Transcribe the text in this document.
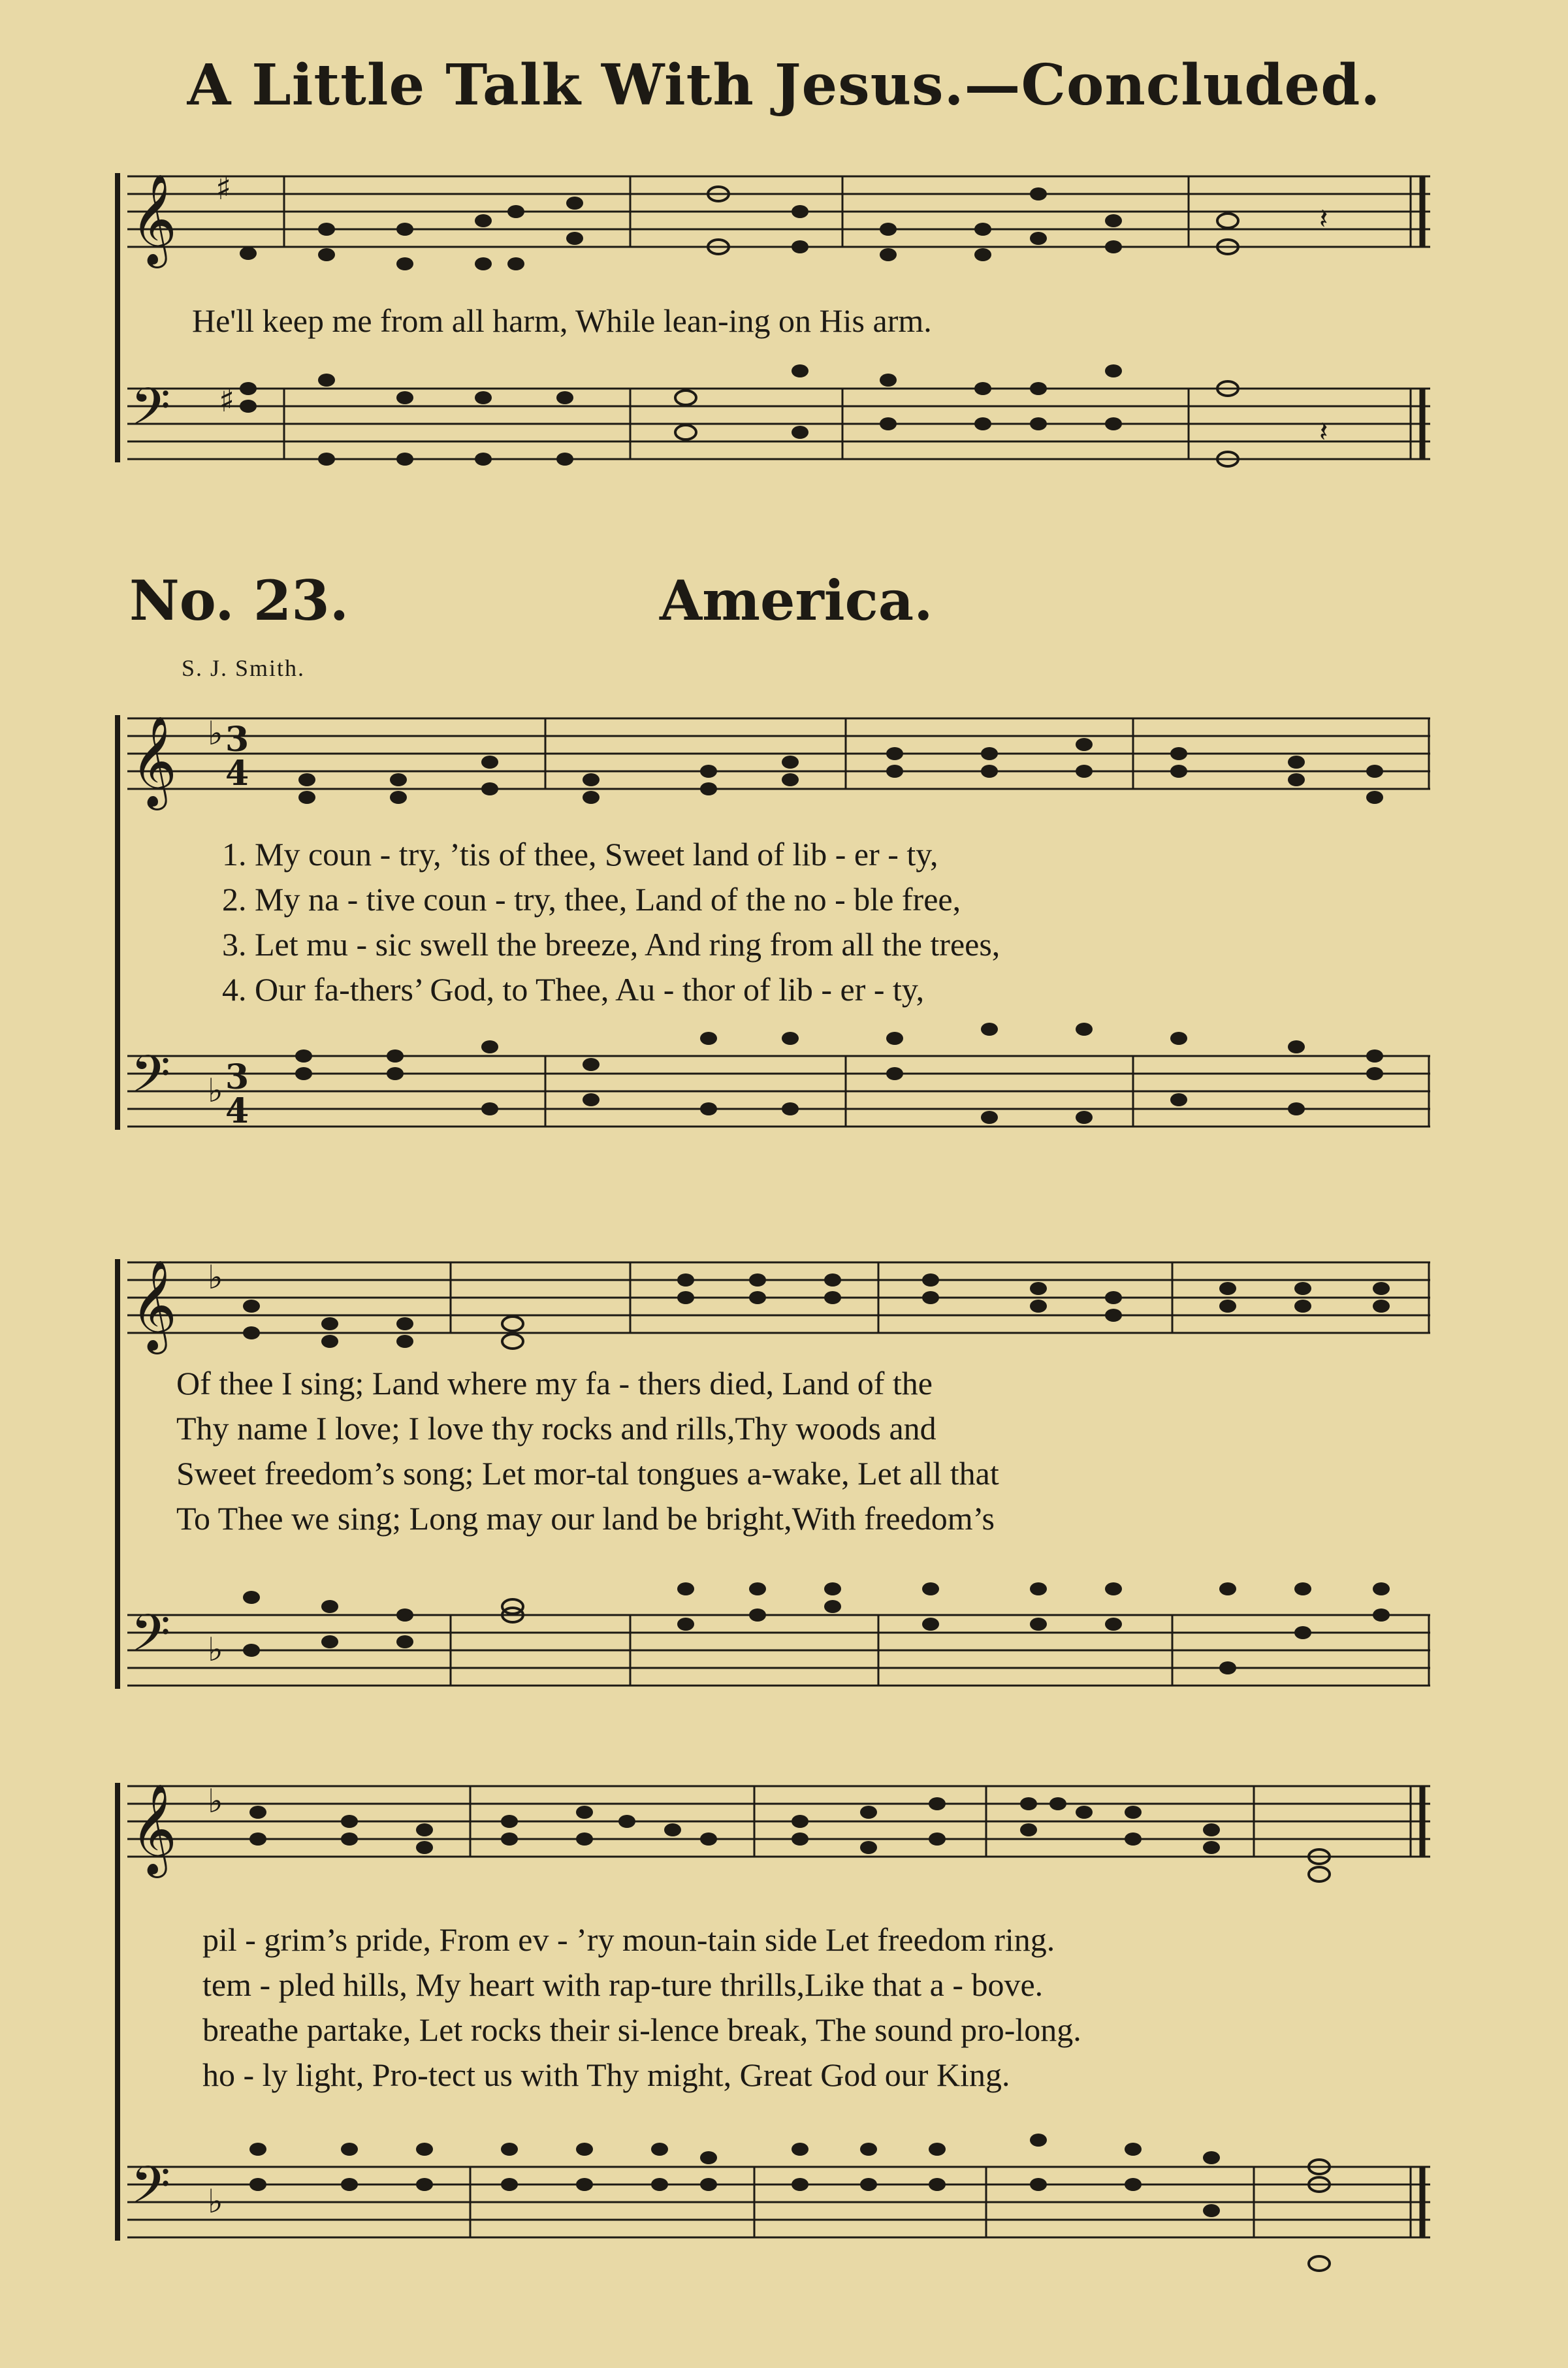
A Little Talk With Jesus.—Concluded.
𝄞
𝄢
♯
♯
𝄽
𝄽
He'll keep me from all harm, While lean-ing on His arm.
No. 23.	America.
S. J. Smith.
𝄞
𝄢
♭
♭
3
4
3
4
1. My coun - try, ’tis of thee, Sweet land of lib - er - ty,
2. My na - tive coun - try, thee, Land of the no - ble free,
3. Let mu - sic swell the breeze, And ring from all the trees,
4. Our fa-thers’ God, to Thee, Au - thor of lib - er - ty,
𝄞
𝄢
♭
♭
Of thee I sing; Land where my fa - thers died, Land of the
Thy name I love; I love thy rocks and rills,Thy woods and
Sweet freedom’s song; Let mor-tal tongues a-wake, Let all that
To Thee we sing; Long may our land be bright,With freedom’s
𝄞
𝄢
♭
♭
pil - grim’s pride, From ev - ’ry moun-tain side Let freedom ring.
tem - pled hills, My heart with rap-ture thrills,Like that a - bove.
breathe partake, Let rocks their si-lence break, The sound pro-long.
ho - ly light, Pro-tect us with Thy might, Great God our King.
